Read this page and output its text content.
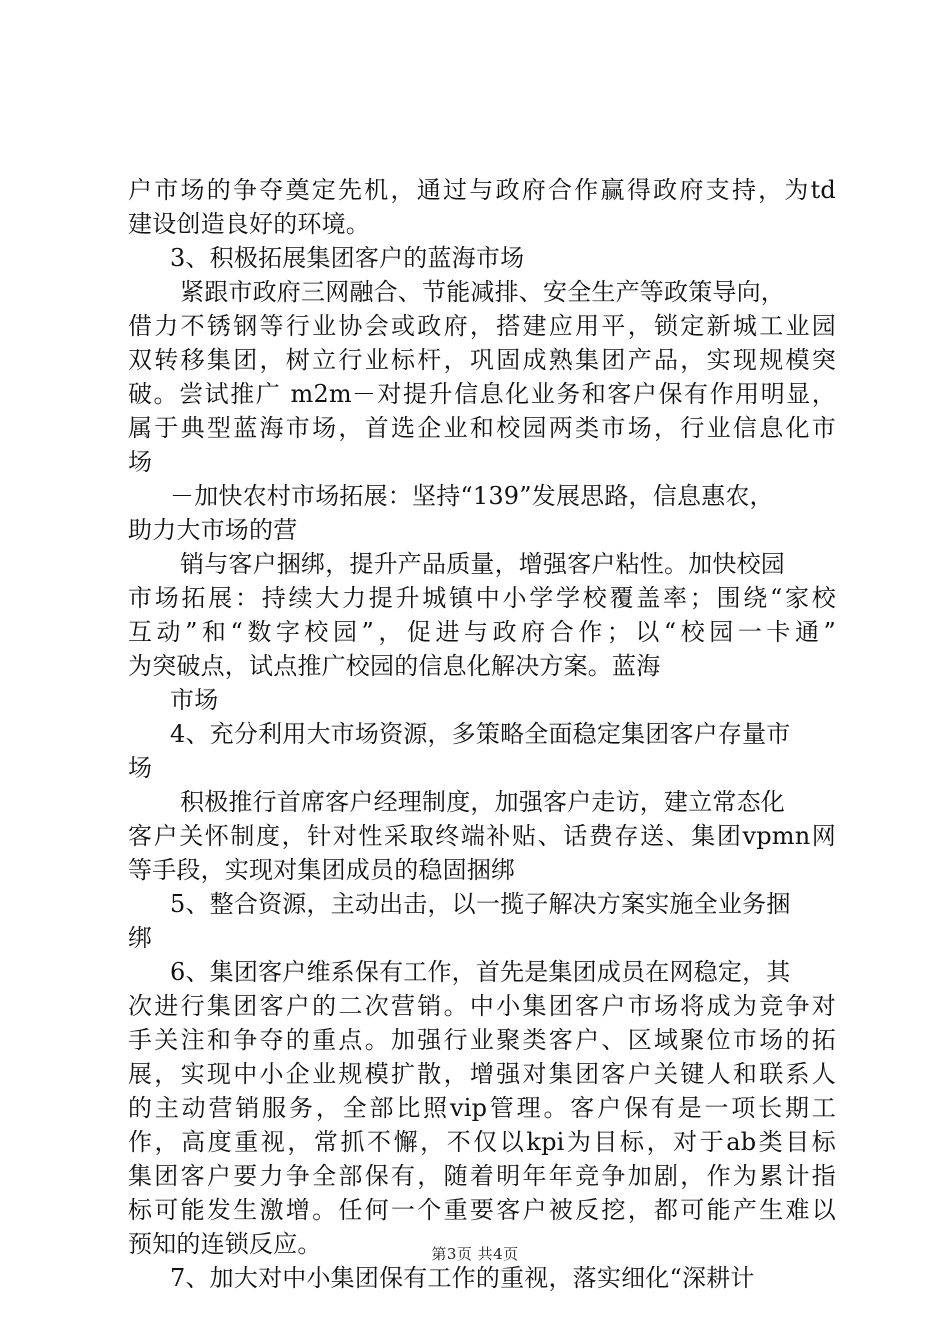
户市场的争夺奠定先机，通过与政府合作赢得政府支持，为td
建设创造良好的环境。
3、积极拓展集团客户的蓝海市场
紧跟市政府三网融合、节能减排、安全生产等政策导向，
借力不锈钢等行业协会或政府，搭建应用平，锁定新城工业园
双转移集团，树立行业标杆，巩固成熟集团产品，实现规模突
破。尝试推广 m2m－对提升信息化业务和客户保有作用明显，
属于典型蓝海市场，首选企业和校园两类市场，行业信息化市
场
－加快农村市场拓展：坚持“139”发展思路，信息惠农，
助力大市场的营
销与客户捆绑，提升产品质量，增强客户粘性。加快校园
市场拓展：持续大力提升城镇中小学学校覆盖率；围绕“家校
互动”和“数字校园”，促进与政府合作；以“校园一卡通”
为突破点，试点推广校园的信息化解决方案。蓝海
市场
4、充分利用大市场资源，多策略全面稳定集团客户存量市
场
积极推行首席客户经理制度，加强客户走访，建立常态化
客户关怀制度，针对性采取终端补贴、话费存送、集团vpmn网
等手段，实现对集团成员的稳固捆绑
5、整合资源，主动出击，以一揽子解决方案实施全业务捆
绑
6、集团客户维系保有工作，首先是集团成员在网稳定，其
次进行集团客户的二次营销。中小集团客户市场将成为竞争对
手关注和争夺的重点。加强行业聚类客户、区域聚位市场的拓
展，实现中小企业规模扩散，增强对集团客户关键人和联系人
的主动营销服务，全部比照vip管理。客户保有是一项长期工
作，高度重视，常抓不懈，不仅以kpi为目标，对于ab类目标
集团客户要力争全部保有，随着明年年竞争加剧，作为累计指
标可能发生激增。任何一个重要客户被反挖，都可能产生难以
预知的连锁反应。
7、加大对中小集团保有工作的重视，落实细化“深耕计
第3页 共4页
